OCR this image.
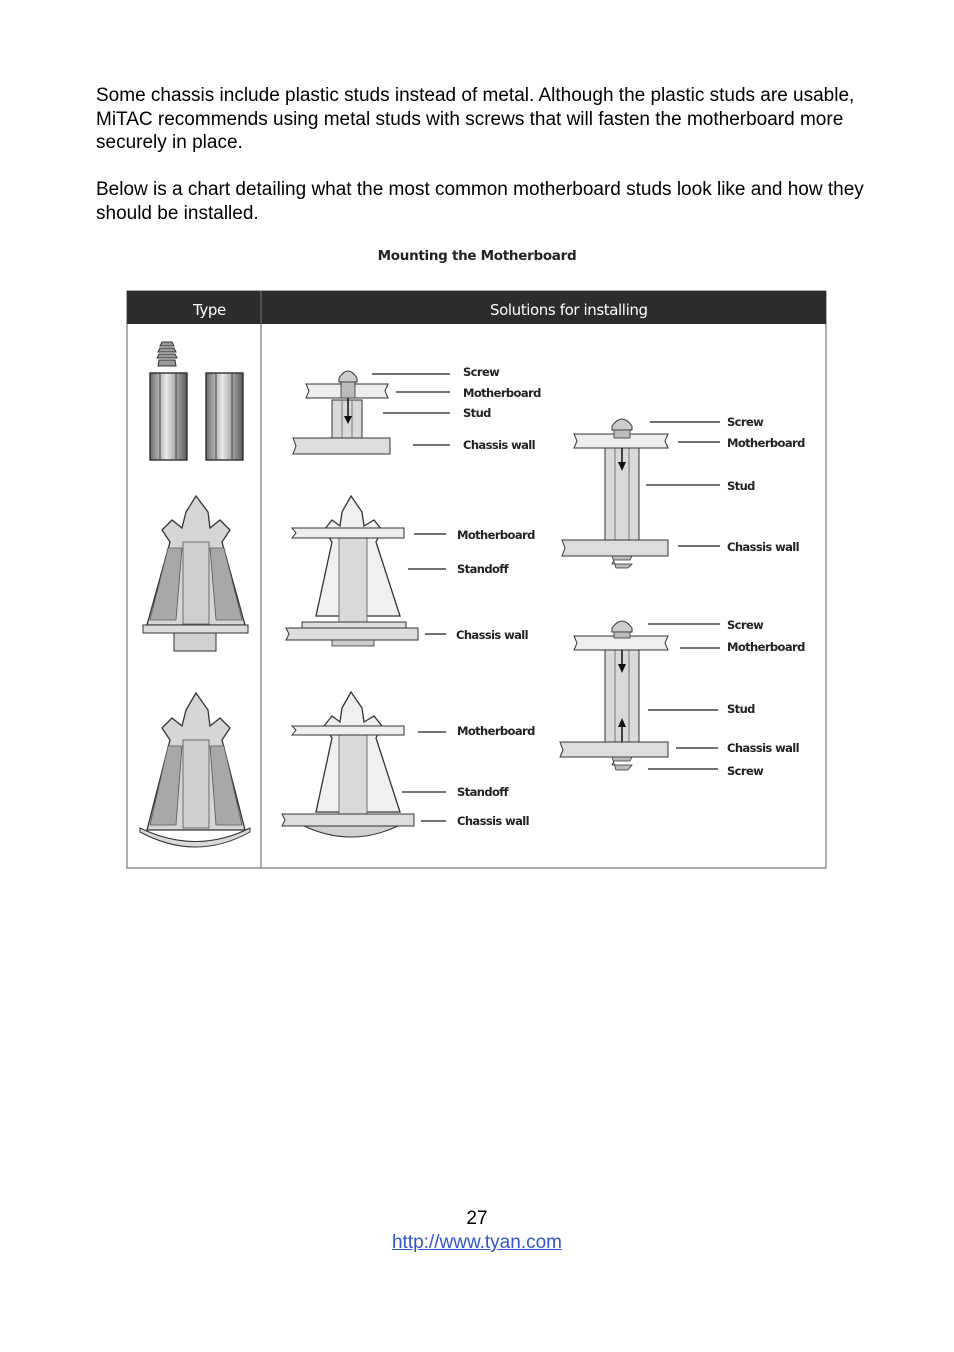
Some chassis include plastic studs instead of metal. Although the plastic studs are usable, MiTAC recommends using metal studs with screws that will fasten the motherboard more securely in place.

Below is a chart detailing what the most common motherboard studs look like and how they should be installed.

Mounting the Motherboard
Type	Solutions for installing
Screw
Motherboard
Stud
Chassis wall
Screw
Motherboard
Stud
Chassis wall
Motherboard
Standoff
Chassis wall
Screw
Motherboard
Stud
Chassis wall
Screw
Motherboard
Standoff
Chassis wall
27
http://www.tyan.com
